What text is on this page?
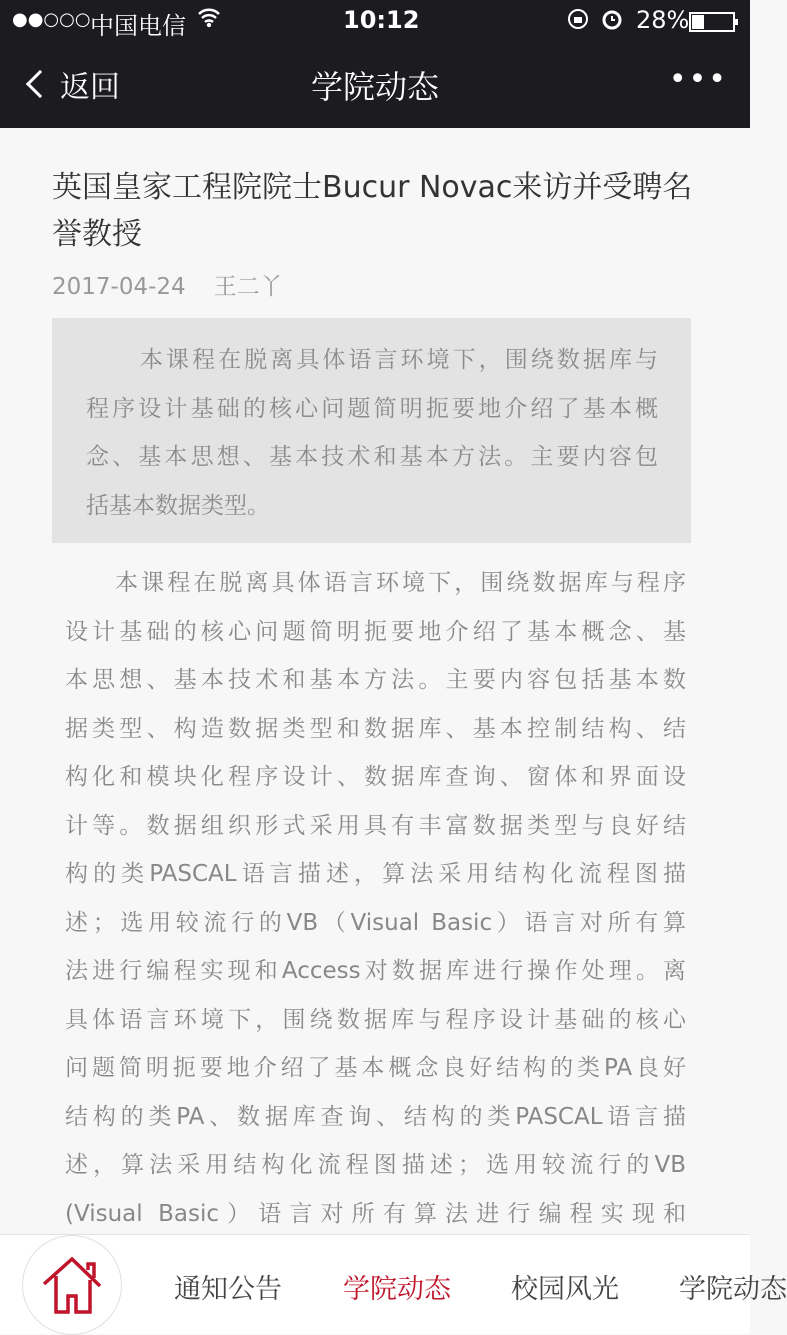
●●○○○ 中国电信	10:12	28%
返回	学院动态	•••
英国皇家工程院院士Bucur Novac来访并受聘名誉教授
2017-04-24 王二丫
本课程在脱离具体语言环境下，围绕数据库与
程序设计基础的核心问题简明扼要地介绍了基本概
念、基本思想、基本技术和基本方法。主要内容包
括基本数据类型。
本课程在脱离具体语言环境下，围绕数据库与程序
设计基础的核心问题简明扼要地介绍了基本概念、基
本思想、基本技术和基本方法。主要内容包括基本数
据类型、构造数据类型和数据库、基本控制结构、结
构化和模块化程序设计、数据库查询、窗体和界面设
计等。数据组织形式采用具有丰富数据类型与良好结
构的类PASCAL语言描述，算法采用结构化流程图描
述；选用较流行的VB（Visual Basic）语言对所有算
法进行编程实现和Access对数据库进行操作处理。离
具体语言环境下，围绕数据库与程序设计基础的核心
问题简明扼要地介绍了基本概念良好结构的类PA良好
结构的类PA、数据库查询、结构的类PASCAL语言描
述，算法采用结构化流程图描述；选用较流行的VB
(Visual Basic）语言对所有算法进行编程实现和
通知公告 学院动态 校园风光 学院动态
